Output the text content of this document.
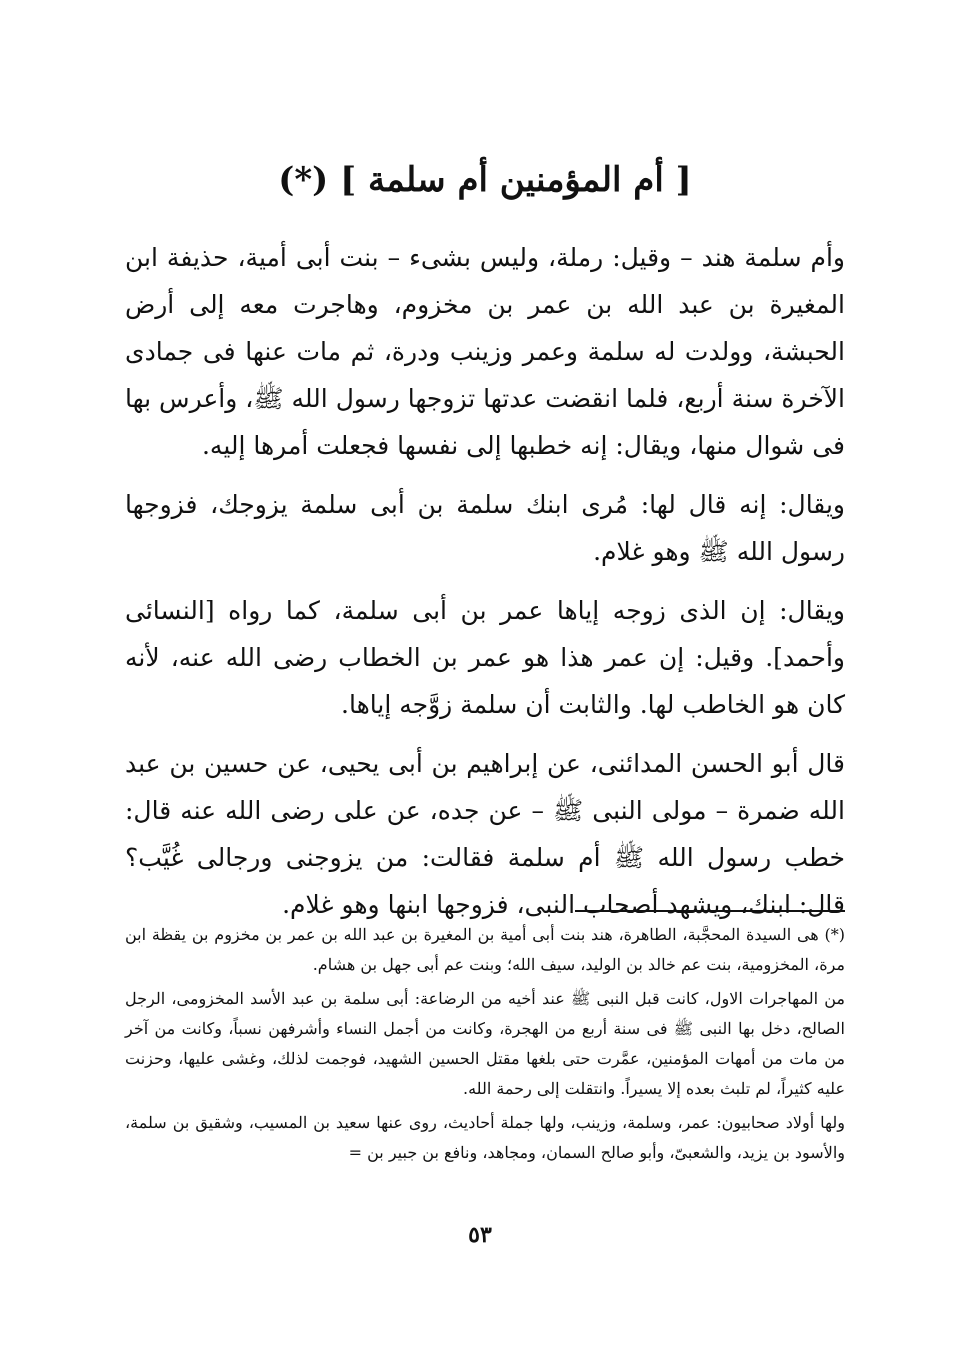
[ أم المؤمنين أم سلمة ] (*)

وأم سلمة هند – وقيل: رملة، وليس بشىء – بنت أبى أمية، حذيفة ابن المغيرة بن عبد الله بن عمر بن مخزوم، وهاجرت معه إلى أرض الحبشة، وولدت له سلمة وعمر وزينب ودرة، ثم مات عنها فى جمادى الآخرة سنة أربع، فلما انقضت عدتها تزوجها رسول الله ﷺ، وأعرس بها فى شوال منها، ويقال: إنه خطبها إلى نفسها فجعلت أمرها إليه.

ويقال: إنه قال لها: مُرى ابنك سلمة بن أبى سلمة يزوجك، فزوجها رسول الله ﷺ وهو غلام.

ويقال: إن الذى زوجه إياها عمر بن أبى سلمة، كما رواه [النسائى وأحمد]. وقيل: إن عمر هذا هو عمر بن الخطاب رضى الله عنه، لأنه كان هو الخاطب لها. والثابت أن سلمة زوَّجه إياها.

قال أبو الحسن المدائنى، عن إبراهيم بن أبى يحيى، عن حسين بن عبد الله ضمرة – مولى النبى ﷺ – عن جده، عن على رضى الله عنه قال: خطب رسول الله ﷺ أم سلمة فقالت: من يزوجنى ورجالى غُيَّب؟ قال: ابنك، ويشهد أصحاب النبى، فزوجها ابنها وهو غلام.

(*) هى السيدة المحجَّبة، الطاهرة، هند بنت أبى أمية بن المغيرة بن عبد الله بن عمر بن مخزوم بن يقظة ابن مرة، المخزومية، بنت عم خالد بن الوليد، سيف الله؛ وبنت عم أبى جهل بن هشام.

من المهاجرات الاول، كانت قبل النبى ﷺ عند أخيه من الرضاعة: أبى سلمة بن عبد الأسد المخزومى، الرجل الصالح، دخل بها النبى ﷺ فى سنة أربع من الهجرة، وكانت من أجمل النساء وأشرفهن نسباً، وكانت من آخر من مات من أمهات المؤمنين، عمَّرت حتى بلغها مقتل الحسين الشهيد، فوجمت لذلك، وغشى عليها، وحزنت عليه كثيراً، لم تلبث بعده إلا يسيراً. وانتقلت إلى رحمة الله.

ولها أولاد صحابيون: عمر، وسلمة، وزينب، ولها جملة أحاديث، روى عنها سعيد بن المسيب، وشقيق بن سلمة، والأسود بن يزيد، والشعبىّ، وأبو صالح السمان، ومجاهد، ونافع بن جبير بن =

٥٣
